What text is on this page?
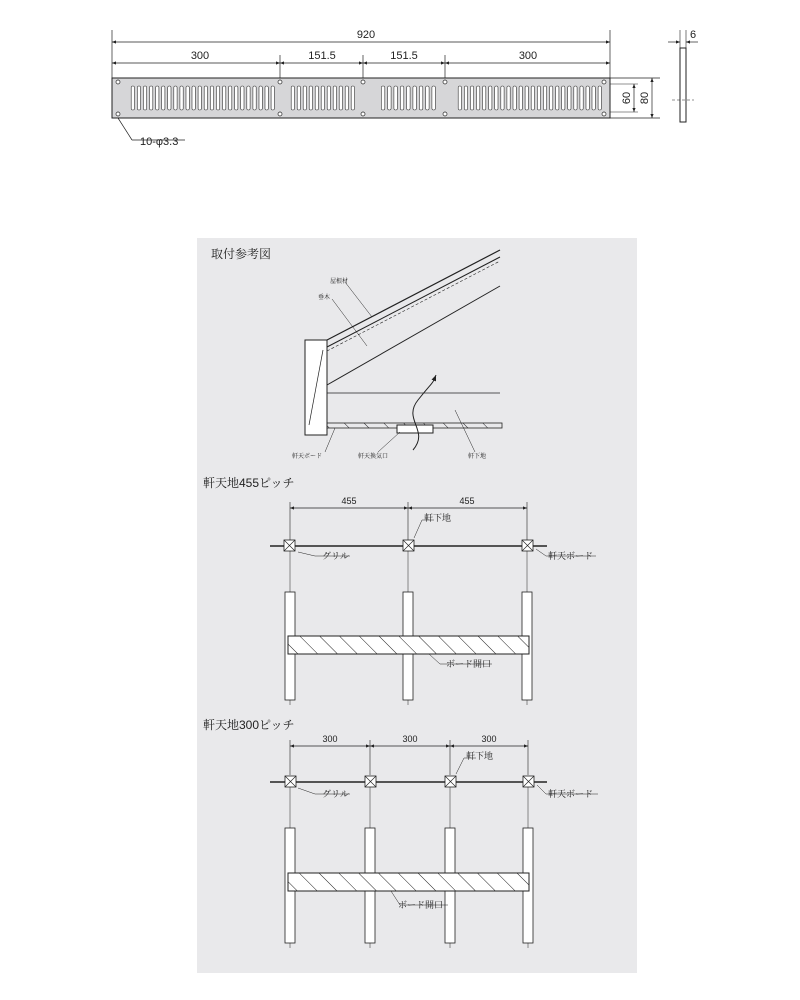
920
300	151.5	151.5	300
10-φ3.3
60 80
6
取付参考図
屋根材
垂木
軒天ボード	軒天換気口	軒下地
軒天地455ピッチ
455	455
軒下地
グリル	軒天ボード
ボード開口
軒天地300ピッチ
300	300	300
軒下地
グリル	軒天ボード
ボード開口
